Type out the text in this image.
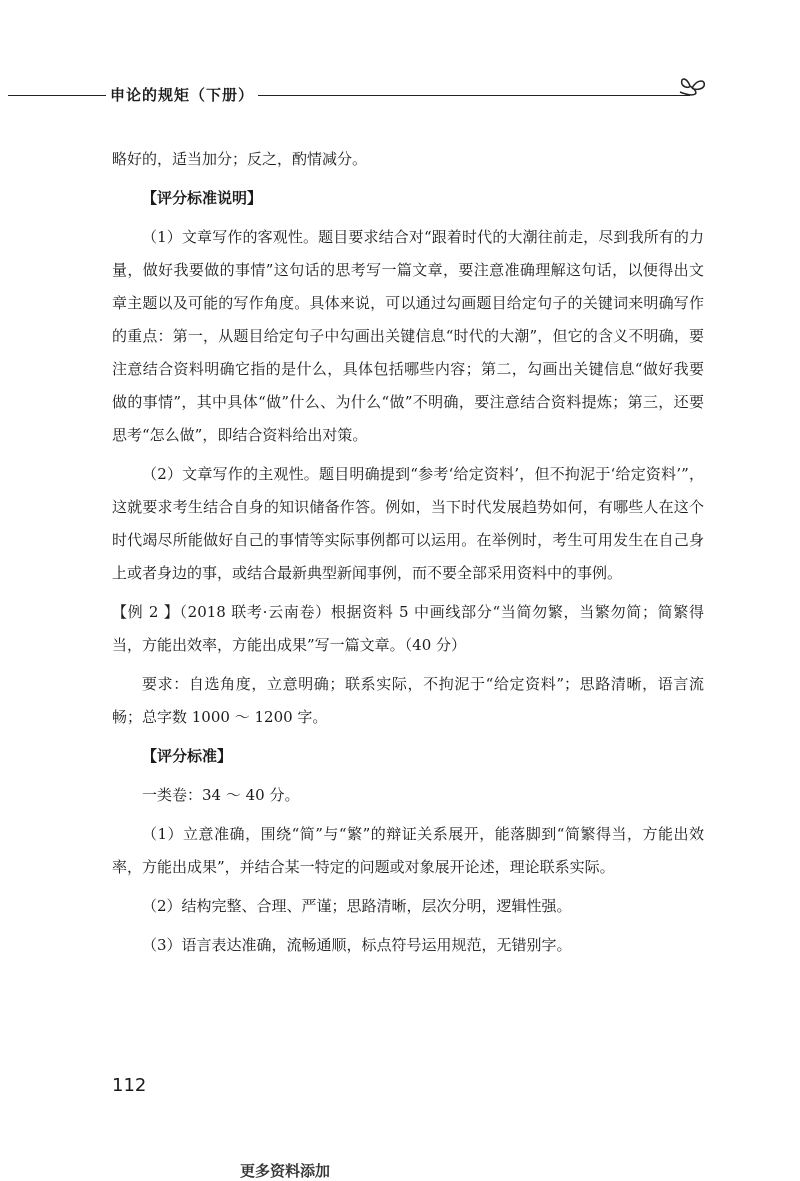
申论的规矩（下册）

略好的，适当加分；反之，酌情减分。

【评分标准说明】

（1）文章写作的客观性。题目要求结合对“跟着时代的大潮往前走，尽到我所有的力量，做好我要做的事情”这句话的思考写一篇文章，要注意准确理解这句话，以便得出文章主题以及可能的写作角度。具体来说，可以通过勾画题目给定句子的关键词来明确写作的重点：第一，从题目给定句子中勾画出关键信息“时代的大潮”，但它的含义不明确，要注意结合资料明确它指的是什么，具体包括哪些内容；第二，勾画出关键信息“做好我要做的事情”，其中具体“做”什么、为什么“做”不明确，要注意结合资料提炼；第三，还要思考“怎么做”，即结合资料给出对策。

（2）文章写作的主观性。题目明确提到“参考‘给定资料’，但不拘泥于‘给定资料’”，这就要求考生结合自身的知识储备作答。例如，当下时代发展趋势如何，有哪些人在这个时代竭尽所能做好自己的事情等实际事例都可以运用。在举例时，考生可用发生在自己身上或者身边的事，或结合最新典型新闻事例，而不要全部采用资料中的事例。

【例 2 】（2018 联考·云南卷）根据资料 5 中画线部分“当简勿繁，当繁勿简；简繁得当，方能出效率，方能出成果”写一篇文章。（40 分）

要求：自选角度，立意明确；联系实际，不拘泥于“给定资料”；思路清晰，语言流畅；总字数 1000 ～ 1200 字。

【评分标准】

一类卷：34 ～ 40 分。

（1）立意准确，围绕“简”与“繁”的辩证关系展开，能落脚到“简繁得当，方能出效率，方能出成果”，并结合某一特定的问题或对象展开论述，理论联系实际。

（2）结构完整、合理、严谨；思路清晰，层次分明，逻辑性强。

（3）语言表达准确，流畅通顺，标点符号运用规范，无错别字。

112
更多资料添加
